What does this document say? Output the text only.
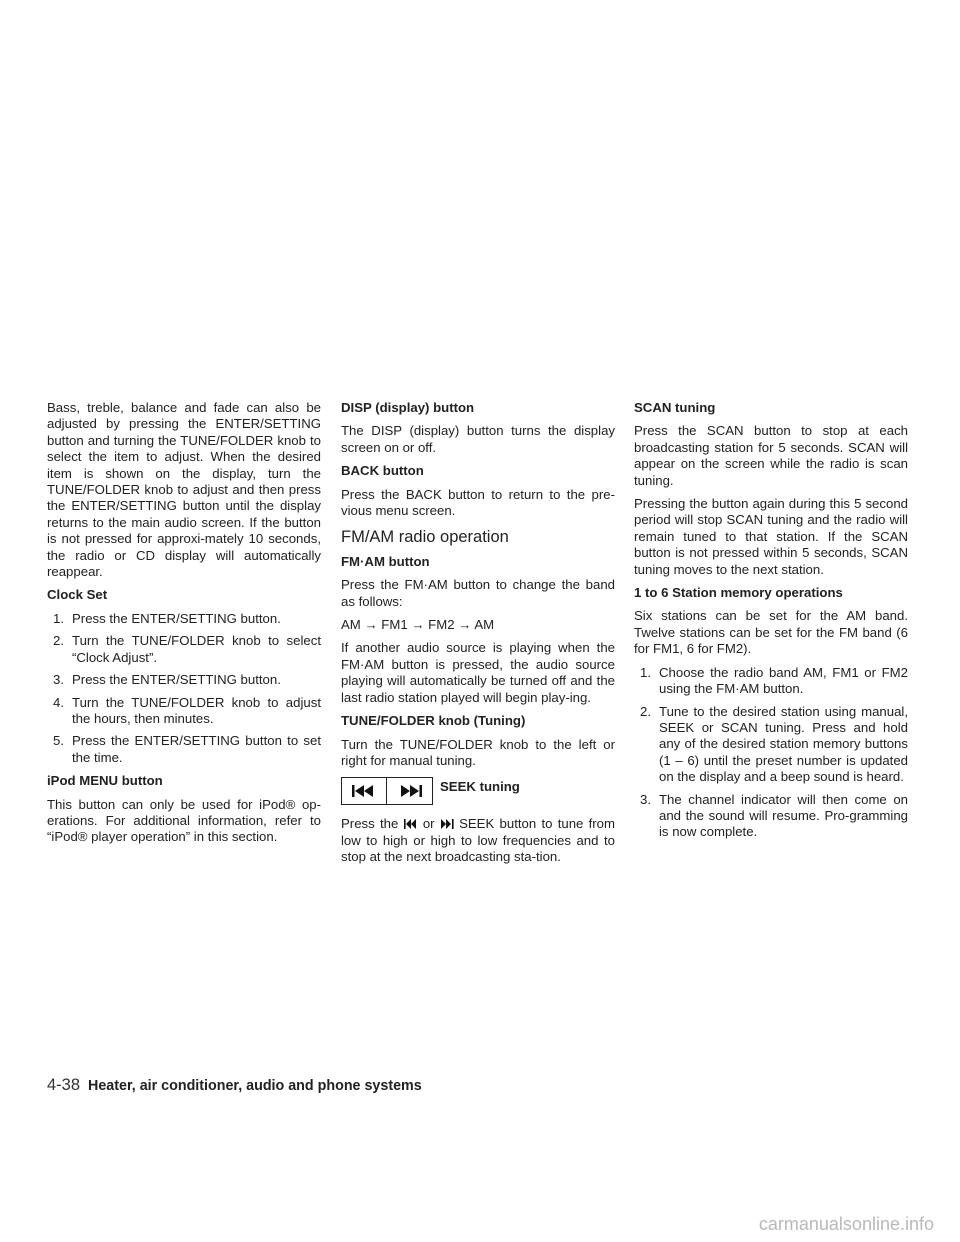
Bass, treble, balance and fade can also be adjusted by pressing the ENTER/SETTING button and turning the TUNE/FOLDER knob to select the item to adjust. When the desired item is shown on the display, turn the TUNE/FOLDER knob to adjust and then press the ENTER/SETTING button until the display returns to the main audio screen. If the button is not pressed for approxi-mately 10 seconds, the radio or CD display will automatically reappear.

Clock Set
1. Press the ENTER/SETTING button.
2. Turn the TUNE/FOLDER knob to select “Clock Adjust”.
3. Press the ENTER/SETTING button.
4. Turn the TUNE/FOLDER knob to adjust the hours, then minutes.
5. Press the ENTER/SETTING button to set the time.
iPod MENU button

This button can only be used for iPod® op-erations. For additional information, refer to “iPod® player operation” in this section.

DISP (display) button

The DISP (display) button turns the display screen on or off.

BACK button

Press the BACK button to return to the pre-vious menu screen.

FM/AM radio operation
FM·AM button

Press the FM·AM button to change the band as follows:

AM → FM1 → FM2 → AM

If another audio source is playing when the FM·AM button is pressed, the audio source playing will automatically be turned off and the last radio station played will begin play-ing.

TUNE/FOLDER knob (Tuning)

Turn the TUNE/FOLDER knob to the left or right for manual tuning.

SEEK tuning

Press the or SEEK button to tune from low to high or high to low frequencies and to stop at the next broadcasting sta-tion.

SCAN tuning

Press the SCAN button to stop at each broadcasting station for 5 seconds. SCAN will appear on the screen while the radio is scan tuning.

Pressing the button again during this 5 second period will stop SCAN tuning and the radio will remain tuned to that station. If the SCAN button is not pressed within 5 seconds, SCAN tuning moves to the next station.

1 to 6 Station memory operations

Six stations can be set for the AM band. Twelve stations can be set for the FM band (6 for FM1, 6 for FM2).

1. Choose the radio band AM, FM1 or FM2 using the FM·AM button.
2. Tune to the desired station using manual, SEEK or SCAN tuning. Press and hold any of the desired station memory buttons (1 – 6) until the preset number is updated on the display and a beep sound is heard.
3. The channel indicator will then come on and the sound will resume. Pro-gramming is now complete.
4-38 Heater, air conditioner, audio and phone systems
carmanualsonline.info
